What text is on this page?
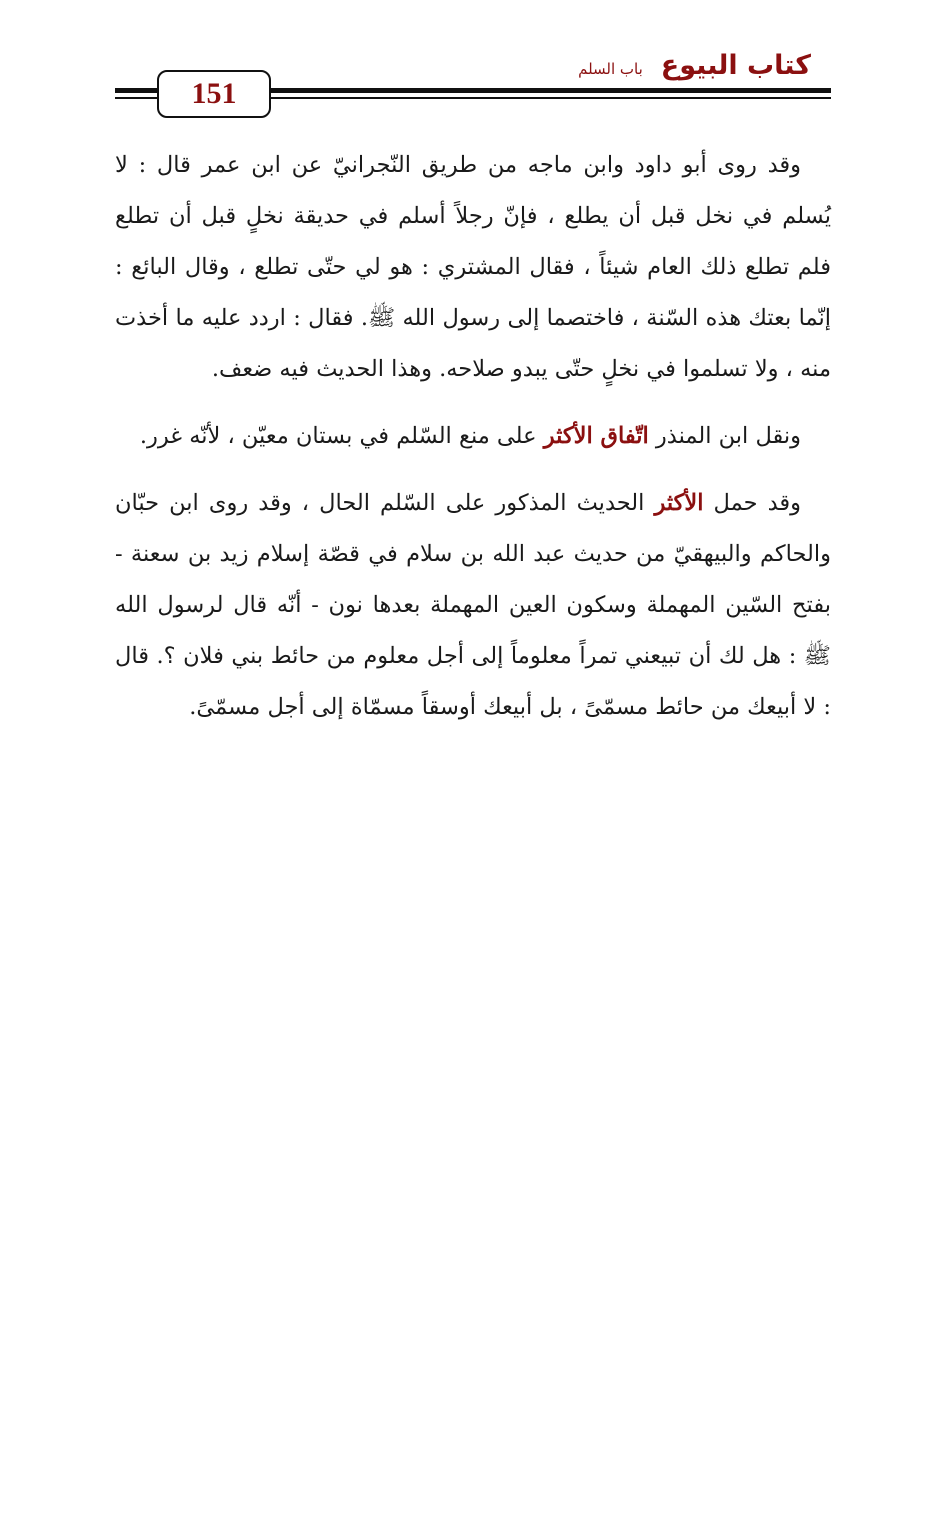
كتاب البيوع
باب السلم
151

وقد روى أبو داود وابن ماجه من طريق النّجرانيّ عن ابن عمر قال : لا يُسلم في نخل قبل أن يطلع ، فإنّ رجلاً أسلم في حديقة نخلٍ قبل أن تطلع فلم تطلع ذلك العام شيئاً ، فقال المشتري : هو لي حتّى تطلع ، وقال البائع : إنّما بعتك هذه السّنة ، فاختصما إلى رسول الله ﷺ. فقال : اردد عليه ما أخذت منه ، ولا تسلموا في نخلٍ حتّى يبدو صلاحه. وهذا الحديث فيه ضعف.

ونقل ابن المنذر اتّفاق الأكثر على منع السّلم في بستان معيّن ، لأنّه غرر.

وقد حمل الأكثر الحديث المذكور على السّلم الحال ، وقد روى ابن حبّان والحاكم والبيهقيّ من حديث عبد الله بن سلام في قصّة إسلام زيد بن سعنة - بفتح السّين المهملة وسكون العين المهملة بعدها نون - أنّه قال لرسول الله ﷺ : هل لك أن تبيعني تمراً معلوماً إلى أجل معلوم من حائط بني فلان ؟. قال : لا أبيعك من حائط مسمّىً ، بل أبيعك أوسقاً مسمّاة إلى أجل مسمّىً.
